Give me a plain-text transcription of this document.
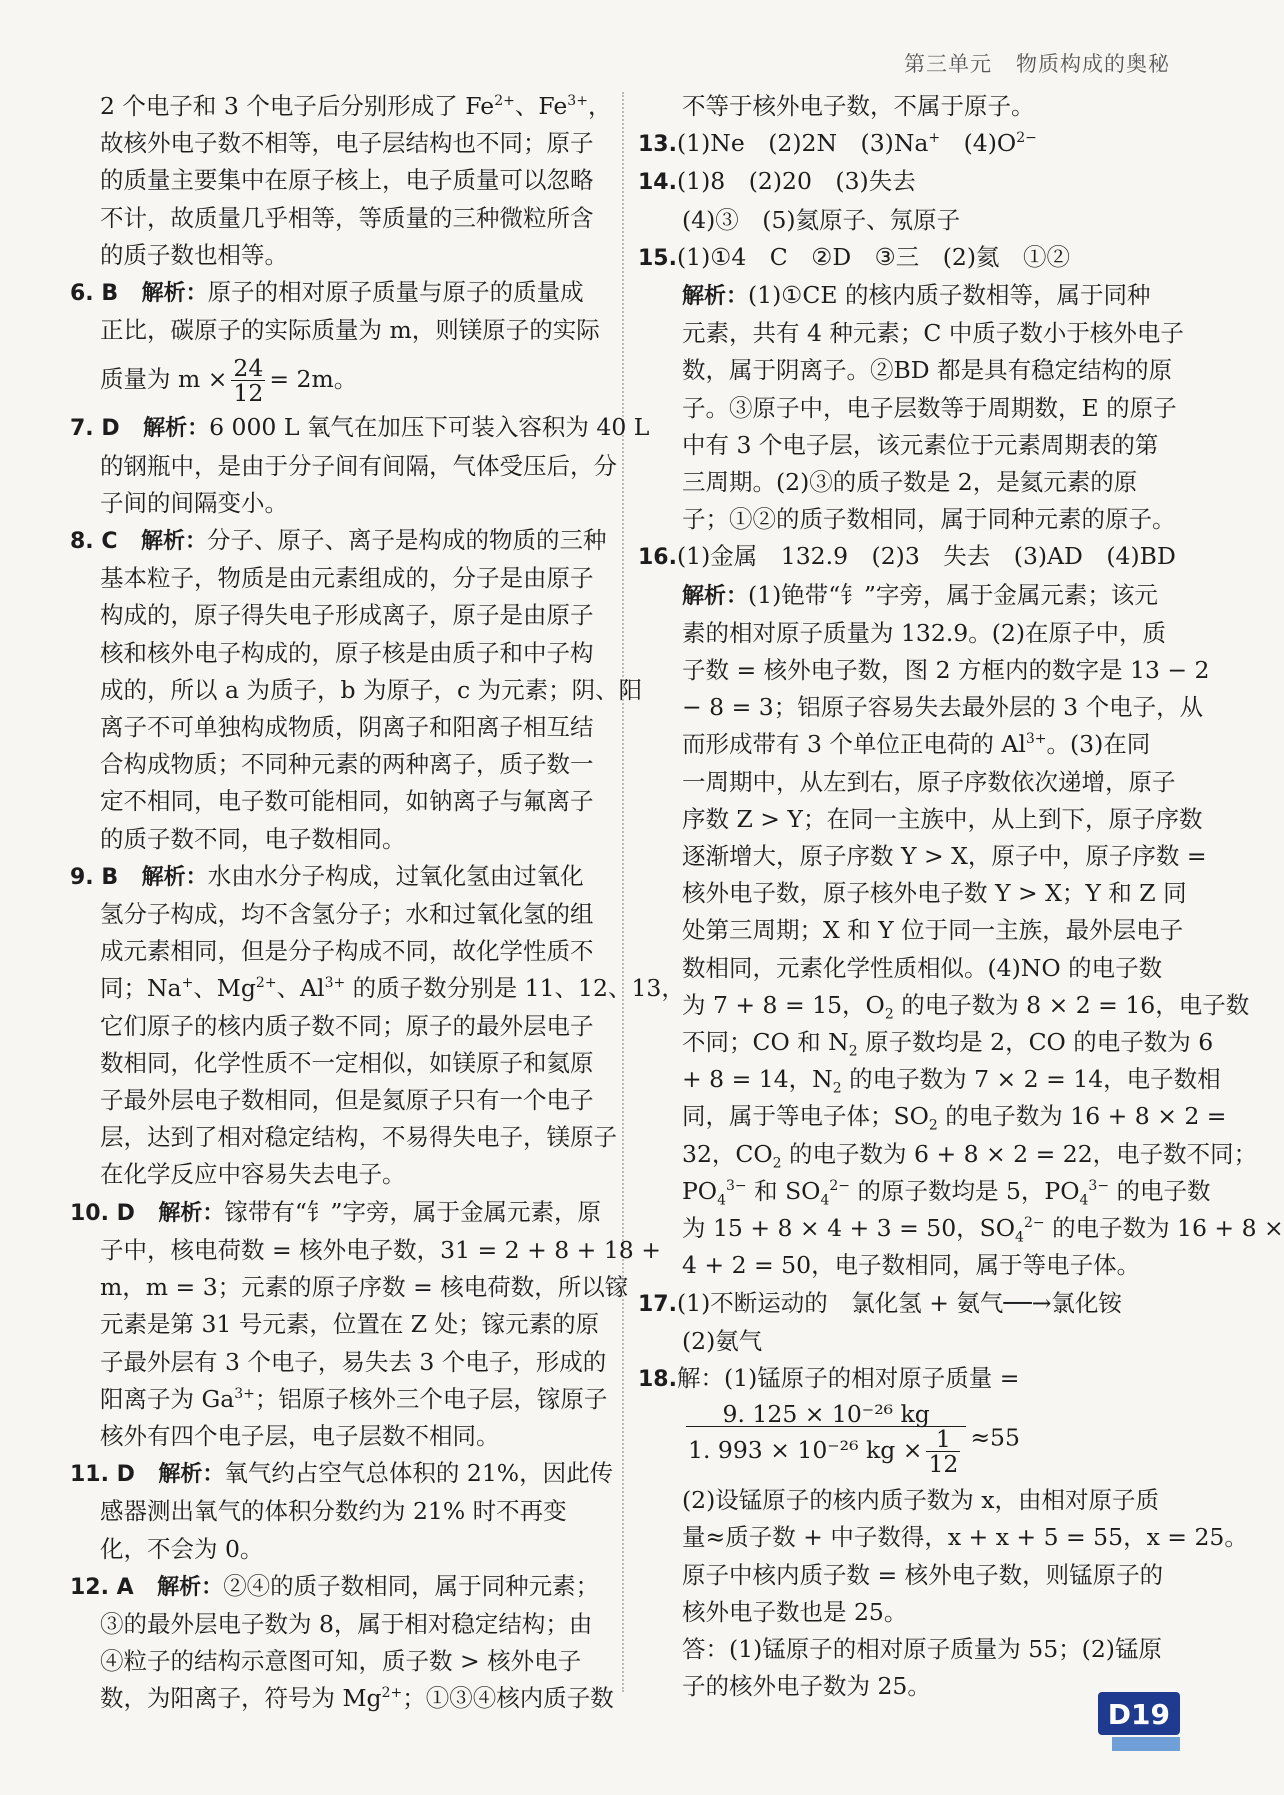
第三单元 物质构成的奥秘
2 个电子和 3 个电子后分别形成了 $Fe^{2+}$、$Fe^{3+}$，
故核外电子数不相等，电子层结构也不同；原子
的质量主要集中在原子核上，电子质量可以忽略
不计，故质量几乎相等，等质量的三种微粒所含
的质子数也相等。
6. B　 解析：原子的相对原子质量与原子的质量成
正比，碳原子的实际质量为 m，则镁原子的实际
质量为 $m \times \frac{24}{12} = 2m$。
7. D　 解析：6 000 L 氧气在加压下可装入容积为 40 L
的钢瓶中，是由于分子间有间隔，气体受压后，分
子间的间隔变小。
8. C　 解析：分子、原子、离子是构成的物质的三种
基本粒子，物质是由元素组成的，分子是由原子
构成的，原子得失电子形成离子，原子是由原子
核和核外电子构成的，原子核是由质子和中子构
成的，所以 a 为质子，b 为原子，c 为元素；阴、阳
离子不可单独构成物质，阴离子和阳离子相互结
合构成物质；不同种元素的两种离子，质子数一
定不相同，电子数可能相同，如钠离子与氟离子
的质子数不同，电子数相同。
9. B　 解析：水由水分子构成，过氧化氢由过氧化
氢分子构成，均不含氢分子；水和过氧化氢的组
成元素相同，但是分子构成不同，故化学性质不
同；Na+、$Mg^{2+}$、$Al^{3+}$ 的质子数分别是 11、12、13，
它们原子的核内质子数不同；原子的最外层电子
数相同，化学性质不一定相似，如镁原子和氦原
子最外层电子数相同，但是氦原子只有一个电子
层，达到了相对稳定结构，不易得失电子，镁原子
在化学反应中容易失去电子。
10. D　 解析：镓带有“钅”字旁，属于金属元素，原
子中，核电荷数 = 核外电子数，31 = 2 + 8 + 18 +
m，m = 3；元素的原子序数 = 核电荷数，所以镓
元素是第 31 号元素，位置在 Z 处；镓元素的原
子最外层有 3 个电子，易失去 3 个电子，形成的
阳离子为 $Ga^{3+}$；铝原子核外三个电子层，镓原子
核外有四个电子层，电子层数不相同。
11. D　 解析：氧气约占空气总体积的 21%，因此传
感器测出氧气的体积分数约为 21% 时不再变
化，不会为 0。
12. A　 解析：②④的质子数相同，属于同种元素；
③的最外层电子数为 8，属于相对稳定结构；由
④粒子的结构示意图可知，质子数 > 核外电子
数，为阳离子，符号为 $Mg^{2+}$；①③④核内质子数
不等于核外电子数，不属于原子。
13.(1)Ne　(2)2N　(3)Na+　$(4)O^{2-}$
14.(1)8　(2)20　(3)失去
(4)③　(5)氦原子、氖原子
15.(1)①4　C　②D　③三　(2)氦　①②
解析：(1)①CE 的核内质子数相等，属于同种
元素，共有 4 种元素；C 中质子数小于核外电子
数，属于阴离子。②BD 都是具有稳定结构的原
子。③原子中，电子层数等于周期数，E 的原子
中有 3 个电子层，该元素位于元素周期表的第
三周期。(2)③的质子数是 2，是氦元素的原
子；①②的质子数相同，属于同种元素的原子。
16.(1)金属　132.9　(2)3　失去　(3)AD　(4)BD
解析：(1)铯带“钅”字旁，属于金属元素；该元
素的相对原子质量为 132.9。(2)在原子中，质
子数 = 核外电子数，图 2 方框内的数字是 13 − 2
− 8 = 3；铝原子容易失去最外层的 3 个电子，从
而形成带有 3 个单位正电荷的 $Al^{3+}$。(3)在同
一周期中，从左到右，原子序数依次递增，原子
序数 Z > Y；在同一主族中，从上到下，原子序数
逐渐增大，原子序数 Y > X，原子中，原子序数 =
核外电子数，原子核外电子数 Y > X；Y 和 Z 同
处第三周期；X 和 Y 位于同一主族，最外层电子
数相同，元素化学性质相似。(4)NO 的电子数
为 7 + 8 = 15，$O_2$ 的电子数为 8 × 2 = 16，电子数
不同；CO 和 $N_2$ 原子数均是 2，CO 的电子数为 6
+ 8 = 14，$N_2$ 的电子数为 7 × 2 = 14，电子数相
同，属于等电子体；$SO_2$ 的电子数为 16 + 8 × 2 =
32，$CO_2$ 的电子数为 6 + 8 × 2 = 22，电子数不同；
$PO_4^{3-}$ 和 $SO_4^{2-}$ 的原子数均是 5，$PO_4^{3-}$ 的电子数
为 15 + 8 × 4 + 3 = 50，$SO_4^{2-}$ 的电子数为 16 + 8 ×
4 + 2 = 50，电子数相同，属于等电子体。
17.(1)不断运动的　氯化氢 + 氨气──→氯化铵
(2)氨气
18.解：(1)锰原子的相对原子质量 =
$\frac{\text{9. 125 × 10⁻²⁶ kg}}{1. 993 \times 10^{-26} kg \times \frac{1}{12}} \approx 55$
(2)设锰原子的核内质子数为 x，由相对原子质
量≈质子数 + 中子数得，x + x + 5 = 55，x = 25。
原子中核内质子数 = 核外电子数，则锰原子的
核外电子数也是 25。
答：(1)锰原子的相对原子质量为 55；(2)锰原
子的核外电子数为 25。
D19
